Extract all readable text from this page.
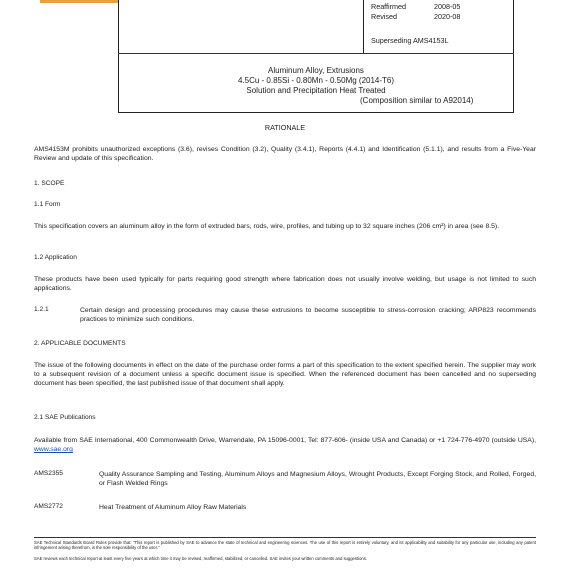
Reaffirmed	2008-05
Revised	2020-08
Superseding AMS4153L
Aluminum Alloy, Extrusions
4.5Cu - 0.85Si - 0.80Mn - 0.50Mg (2014-T6)
Solution and Precipitation Heat Treated
(Composition similar to A92014)
RATIONALE
AMS4153M prohibits unauthorized exceptions (3.6), revises Condition (3.2), Quality (3.4.1), Reports (4.4.1) and Identification (5.1.1), and results from a Five-Year Review and update of this specification.
1. SCOPE
1.1 Form
This specification covers an aluminum alloy in the form of extruded bars, rods, wire, profiles, and tubing up to 32 square inches (206 cm²) in area (see 8.5).
1.2 Application
These products have been used typically for parts requiring good strength where fabrication does not usually involve welding, but usage is not limited to such applications.
1.2.1	Certain design and processing procedures may cause these extrusions to become susceptible to stress-corrosion cracking; ARP823 recommends practices to minimize such conditions.
2. APPLICABLE DOCUMENTS
The issue of the following documents in effect on the date of the purchase order forms a part of this specification to the extent specified herein. The supplier may work to a subsequent revision of a document unless a specific document issue is specified. When the referenced document has been cancelled and no superseding document has been specified, the last published issue of that document shall apply.
2.1 SAE Publications
Available from SAE International, 400 Commonwealth Drive, Warrendale, PA 15096-0001, Tel: 877-606- (inside USA and Canada) or +1 724-776-4970 (outside USA), www.sae.org
AMS2355	Quality Assurance Sampling and Testing, Aluminum Alloys and Magnesium Alloys, Wrought Products, Except Forging Stock, and Rolled, Forged, or Flash Welded Rings
AMS2772	Heat Treatment of Aluminum Alloy Raw Materials
SAE Technical Standards Board Rules provide that: "This report is published by SAE to advance the state of technical and engineering sciences. The use of this report is entirely voluntary, and its applicability and suitability for any particular use, including any patent infringement arising therefrom, is the sole responsibility of the user."
SAE reviews each technical report at least every five years at which time it may be revised, reaffirmed, stabilized, or cancelled. SAE invites your written comments and suggestions.
